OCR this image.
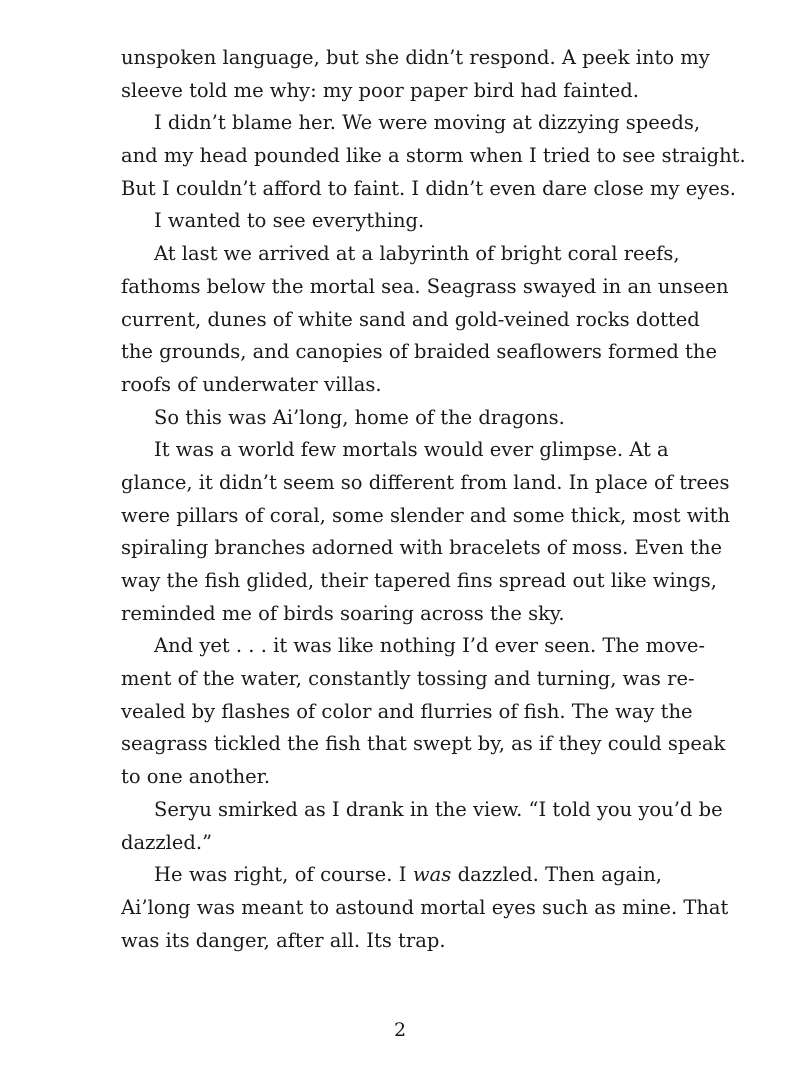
unspoken language, but she didn’t respond. A peek into my
sleeve told me why: my poor paper bird had fainted.
I didn’t blame her. We were moving at dizzying speeds,
and my head pounded like a storm when I tried to see straight.
But I couldn’t afford to faint. I didn’t even dare close my eyes.
I wanted to see everything.
At last we arrived at a labyrinth of bright coral reefs,
fathoms below the mortal sea. Seagrass swayed in an unseen
current, dunes of white sand and gold-veined rocks dotted
the grounds, and canopies of braided seaflowers formed the
roofs of underwater villas.
So this was Ai’long, home of the dragons.
It was a world few mortals would ever glimpse. At a
glance, it didn’t seem so different from land. In place of trees
were pillars of coral, some slender and some thick, most with
spiraling branches adorned with bracelets of moss. Even the
way the fish glided, their tapered fins spread out like wings,
reminded me of birds soaring across the sky.
And yet . . . it was like nothing I’d ever seen. The move-
ment of the water, constantly tossing and turning, was re-
vealed by flashes of color and flurries of fish. The way the
seagrass tickled the fish that swept by, as if they could speak
to one another.
Seryu smirked as I drank in the view. “I told you you’d be
dazzled.”
He was right, of course. I was dazzled. Then again,
Ai’long was meant to astound mortal eyes such as mine. That
was its danger, after all. Its trap.
2
